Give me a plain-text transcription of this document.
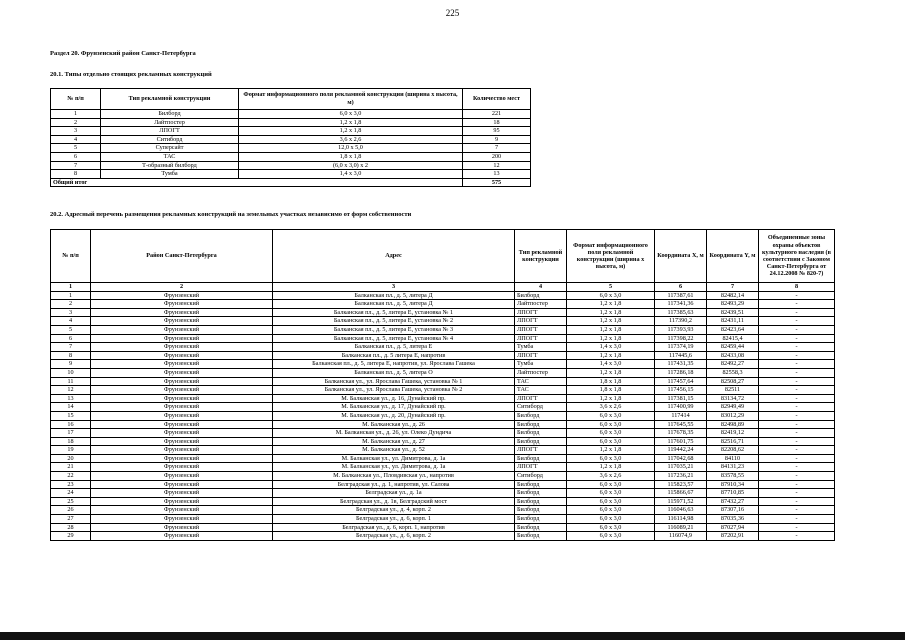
225
Раздел 20. Фрунзенский район Санкт-Петербурга
20.1. Типы отдельно стоящих рекламных конструкций
№ п/п	Тип рекламной конструкции	Формат информационного поля рекламной конструкции (ширина x высота, м)	Количество мест
1	Билборд	6,0 x 3,0	221
2	Лайтпостер	1,2 x 1,8	18
3	ЛПОГТ	1,2 x 1,8	95
4	Ситиборд	3,6 x 2,6	9
5	Суперсайт	12,0 x 5,0	7
6	ТАС	1,8 x 1,8	200
7	Т-образный билборд	(6,0 x 3,0) x 2	12
8	Тумба	1,4 x 3,0	13
Общий итог			575
20.2. Адресный перечень размещения рекламных конструкций на земельных участках независимо от форм собственности
№ п/п	Район Санкт-Петербурга	Адрес	Тип рекламной конструкции	Формат информационного поля рекламной конструкции (ширина x высота, м)	Координата X, м	Координата Y, м	Объединенные зоны охраны объектов культурного наследия (в соответствии с Законом Санкт-Петербурга от 24.12.2008 № 820-7)
1	2	3	4	5	6	7	8
1	Фрунзенский	Балканская пл., д. 5, литера Д	Билборд	6,0 x 3,0	117387,61	82482,14	-
2	Фрунзенский	Балканская пл., д. 5, литера Д	Лайтпостер	1,2 x 1,8	117341,36	82493,29	-
3	Фрунзенский	Балканская пл., д. 5, литера Е, установка № 1	ЛПОГТ	1,2 x 1,8	117385,63	82439,51	-
4	Фрунзенский	Балканская пл., д. 5, литера Е, установка № 2	ЛПОГТ	1,2 x 1,8	117390,2	82431,11	-
5	Фрунзенский	Балканская пл., д. 5, литера Е, установка № 3	ЛПОГТ	1,2 x 1,8	117393,93	82423,64	-
6	Фрунзенский	Балканская пл., д. 5, литера Е, установка № 4	ЛПОГТ	1,2 x 1,8	117398,22	82415,4	-
7	Фрунзенский	Балканская пл., д. 5, литера Е	Тумба	1,4 x 3,0	117374,19	82459,44	-
8	Фрунзенский	Балканская пл., д. 5 литера Е, напротив	ЛПОГТ	1,2 x 1,8	117445,6	82433,08	-
9	Фрунзенский	Балканская пл., д. 5, литера Е, напротив, ул. Ярослава Гашека	Тумба	1,4 x 3,0	117431,35	82492,27	-
10	Фрунзенский	Балканская пл., д. 5, литера О	Лайтпостер	1,2 x 1,8	117286,18	82558,3	-
11	Фрунзенский	Балканская ул., ул. Ярослава Гашека, установка № 1	ТАС	1,8 x 1,8	117457,64	82508,27	-
12	Фрунзенский	Балканская ул., ул. Ярослава Гашека, установка № 2	ТАС	1,8 x 1,8	117456,15	82511	-
13	Фрунзенский	М. Балканская ул., д. 16, Дунайский пр.	ЛПОГТ	1,2 x 1,8	117381,15	83134,72	-
14	Фрунзенский	М. Балканская ул., д. 17, Дунайский пр.	Ситиборд	3,6 x 2,6	117400,99	82949,49	-
15	Фрунзенский	М. Балканская ул., д. 20, Дунайский пр.	Билборд	6,0 x 3,0	117414	83012,29	-
16	Фрунзенский	М. Балканская ул., д. 26	Билборд	6,0 x 3,0	117645,55	82498,89	-
17	Фрунзенский	М. Балканская ул., д. 26, ул. Олеко Дундича	Билборд	6,0 x 3,0	117678,35	82419,12	-
18	Фрунзенский	М. Балканская ул., д. 27	Билборд	6,0 x 3,0	117601,75	82516,71	-
19	Фрунзенский	М. Балканская ул., д. 52	ЛПОГТ	1,2 x 1,8	119442,24	82208,62	-
20	Фрунзенский	М. Балканская ул., ул. Димитрова, д. 1а	Билборд	6,0 x 3,0	117042,68	84110	-
21	Фрунзенский	М. Балканская ул., ул. Димитрова, д. 1а	ЛПОГТ	1,2 x 1,8	117035,21	84131,23	-
22	Фрунзенский	М. Балканская ул., Пловдивская ул., напротив	Ситиборд	3,6 x 2,6	117236,21	83578,55	-
23	Фрунзенский	Белградская ул., д. 1, напротив, ул. Салова	Билборд	6,0 x 3,0	115823,57	87910,34	-
24	Фрунзенский	Белградская ул., д. 1а	Билборд	6,0 x 3,0	115866,67	87710,85	-
25	Фрунзенский	Белградская ул., д. 1в, Белградский мост	Билборд	6,0 x 3,0	115971,52	87432,27	-
26	Фрунзенский	Белградская ул., д. 4, корп. 2	Билборд	6,0 x 3,0	116046,63	87307,16	-
27	Фрунзенский	Белградская ул., д. 6, корп. 1	Билборд	6,0 x 3,0	116114,98	87035,36	-
28	Фрунзенский	Белградская ул., д. 6, корп. 1, напротив	Билборд	6,0 x 3,0	116089,21	87027,94	-
29	Фрунзенский	Белградская ул., д. 6, корп. 2	Билборд	6,0 x 3,0	116074,9	87202,91	-
